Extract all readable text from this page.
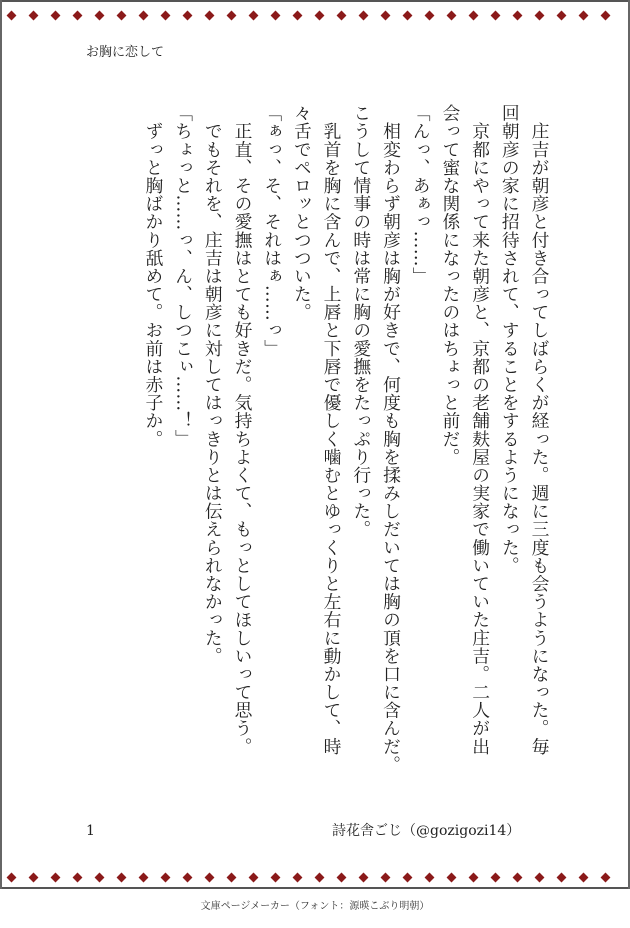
お胸に恋して

　庄吉が朝彦と付き合ってしばらくが経った。週に三度も会うようになった。毎

回朝彦の家に招待されて、することをするようになった。

　京都にやって来た朝彦と、京都の老舗麸屋の実家で働いていた庄吉。二人が出

会って蜜な関係になったのはちょっと前だ。

「んっ、あぁっ……」

　相変わらず朝彦は胸が好きで、何度も胸を揉みしだいては胸の頂を口に含んだ。

こうして情事の時は常に胸の愛撫をたっぷり行った。

　乳首を胸に含んで、上唇と下唇で優しく噛むとゆっくりと左右に動かして、時

々舌でペロッとつついた。

「ぁっ、そ、それはぁ……っ」

　正直、その愛撫はとても好きだ。気持ちよくて、もっとしてほしいって思う。

　でもそれを、庄吉は朝彦に対してはっきりとは伝えられなかった。

「ちょっと……っ、ん、しつこぃ……！」

　ずっと胸ばかり舐めて。お前は赤子か。

1	詩花舎ごじ（@gozigozi14）
文庫ページメーカー（フォント：源暎こぶり明朝）
